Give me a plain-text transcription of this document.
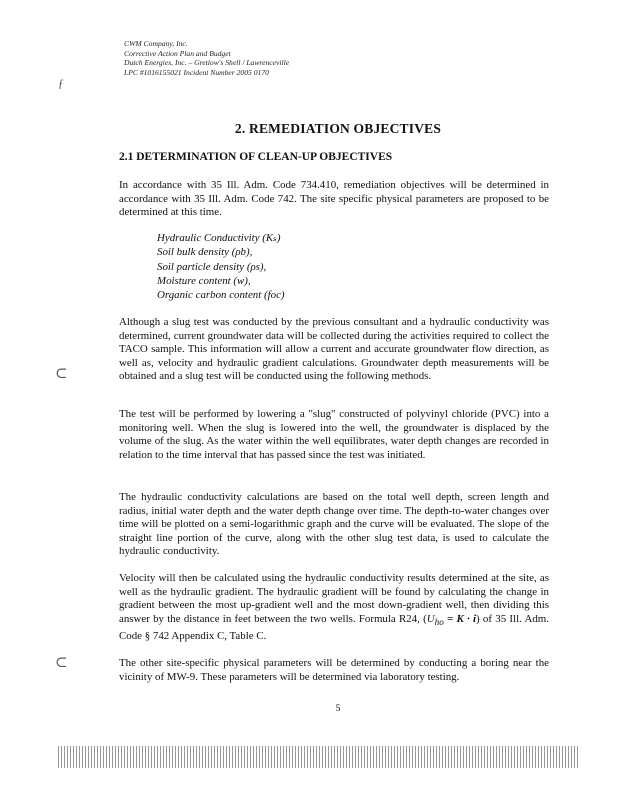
CWM Company, Inc.
Corrective Action Plan and Budget
Dutch Energies, Inc. – Gretlow's Shell / Lawrenceville
LPC #1016155021 Incident Number 2005 0170
ƒ
⊂
⊂
2. REMEDIATION OBJECTIVES
2.1 DETERMINATION OF CLEAN-UP OBJECTIVES

In accordance with 35 Ill. Adm. Code 734.410, remediation objectives will be determined in accordance with 35 Ill. Adm. Code 742. The site specific physical parameters are proposed to be determined at this time.

Hydraulic Conductivity (Kₛ)
Soil bulk density (ρb),
Soil particle density (ρs),
Moisture content (w),
Organic carbon content (foc)

Although a slug test was conducted by the previous consultant and a hydraulic conductivity was determined, current groundwater data will be collected during the activities required to collect the TACO sample. This information will allow a current and accurate groundwater flow direction, as well as, velocity and hydraulic gradient calculations. Groundwater depth measurements will be obtained and a slug test will be conducted using the following methods.

The test will be performed by lowering a "slug" constructed of polyvinyl chloride (PVC) into a monitoring well. When the slug is lowered into the well, the groundwater is displaced by the volume of the slug. As the water within the well equilibrates, water depth changes are recorded in relation to the time interval that has passed since the test was initiated.

The hydraulic conductivity calculations are based on the total well depth, screen length and radius, initial water depth and the water depth change over time. The depth-to-water changes over time will be plotted on a semi-logarithmic graph and the curve will be evaluated. The slope of the straight line portion of the curve, along with the other slug test data, is used to calculate the hydraulic conductivity.

Velocity will then be calculated using the hydraulic conductivity results determined at the site, as well as the hydraulic gradient. The hydraulic gradient will be found by calculating the change in gradient between the most up-gradient well and the most down-gradient well, then dividing this answer by the distance in feet between the two wells. Formula R24, $(U_{ho} = K \cdot i)$ of 35 Ill. Adm. Code § 742 Appendix C, Table C.

The other site-specific physical parameters will be determined by conducting a boring near the vicinity of MW-9. These parameters will be determined via laboratory testing.

5
